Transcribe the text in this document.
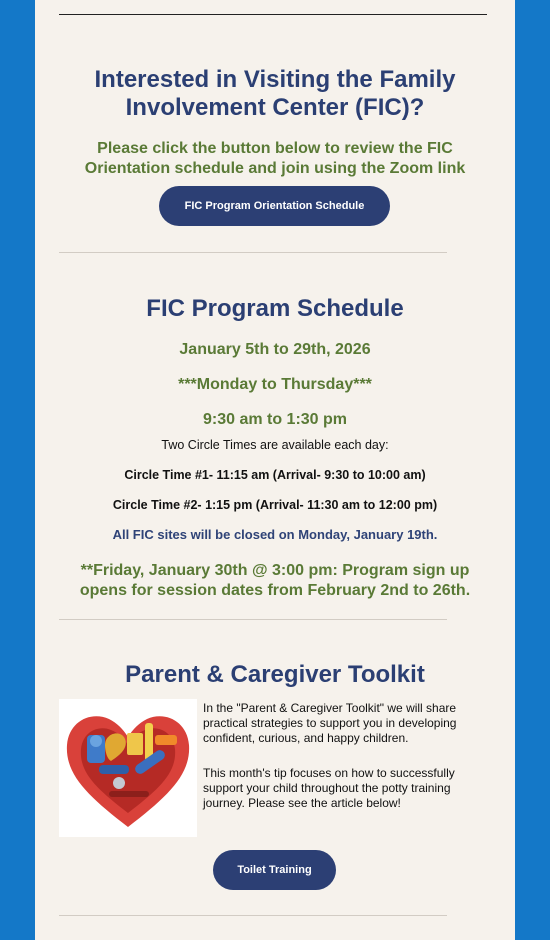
Interested in Visiting the Family Involvement Center (FIC)?
Please click the button below to review the FIC Orientation schedule and join using the Zoom link
FIC Program Orientation Schedule
FIC Program Schedule
January 5th to 29th, 2026
***Monday to Thursday***
9:30 am to 1:30 pm
Two Circle Times are available each day:
Circle Time #1- 11:15 am (Arrival- 9:30 to 10:00 am)
Circle Time #2- 1:15 pm (Arrival- 11:30 am to 12:00 pm)
All FIC sites will be closed on Monday, January 19th.
**Friday, January 30th @ 3:00 pm: Program sign up opens for session dates from February 2nd to 26th.
Parent & Caregiver Toolkit
In the "Parent & Caregiver Toolkit" we will share practical strategies to support you in developing confident, curious, and happy children.
This month's tip focuses on how to successfully support your child throughout the potty training journey. Please see the article below!
Toilet Training
